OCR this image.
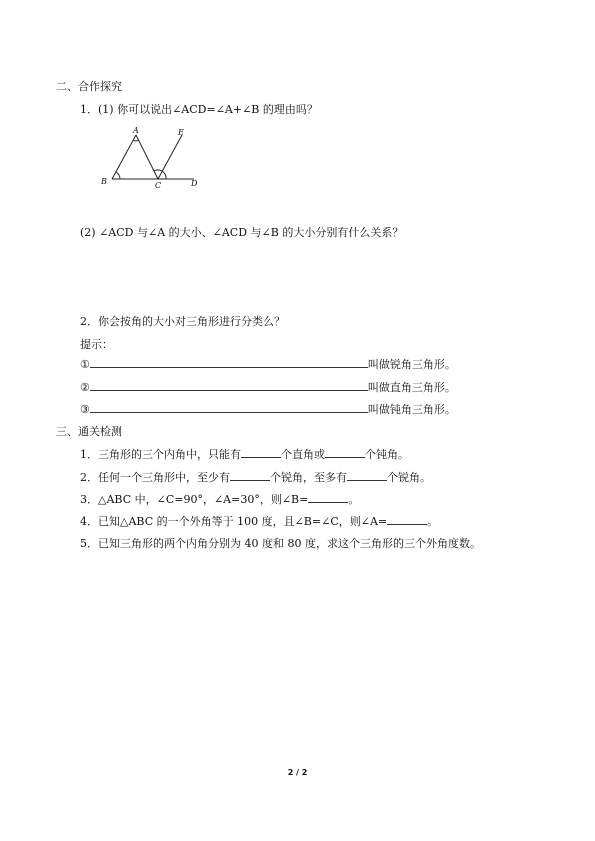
二、合作探究
1．(1) 你可以说出∠ACD=∠A+∠B 的理由吗？
A
B	C	D
E
(2) ∠ACD 与∠A 的大小、∠ACD 与∠B 的大小分别有什么关系？
2．你会按角的大小对三角形进行分类么？
提示：
①	叫做锐角三角形。
②	叫做直角三角形。
③	叫做钝角三角形。
三、通关检测
1．三角形的三个内角中，只能有	个直角或	个钝角。
2．任何一个三角形中，至少有	个锐角，至多有	个锐角。
3．△ABC 中，∠C=90°，∠A=30°，则∠B=	。
4．已知△ABC 的一个外角等于 100 度，且∠B=∠C，则∠A=	。
5．已知三角形的两个内角分别为 40 度和 80 度，求这个三角形的三个外角度数。
2 / 2
